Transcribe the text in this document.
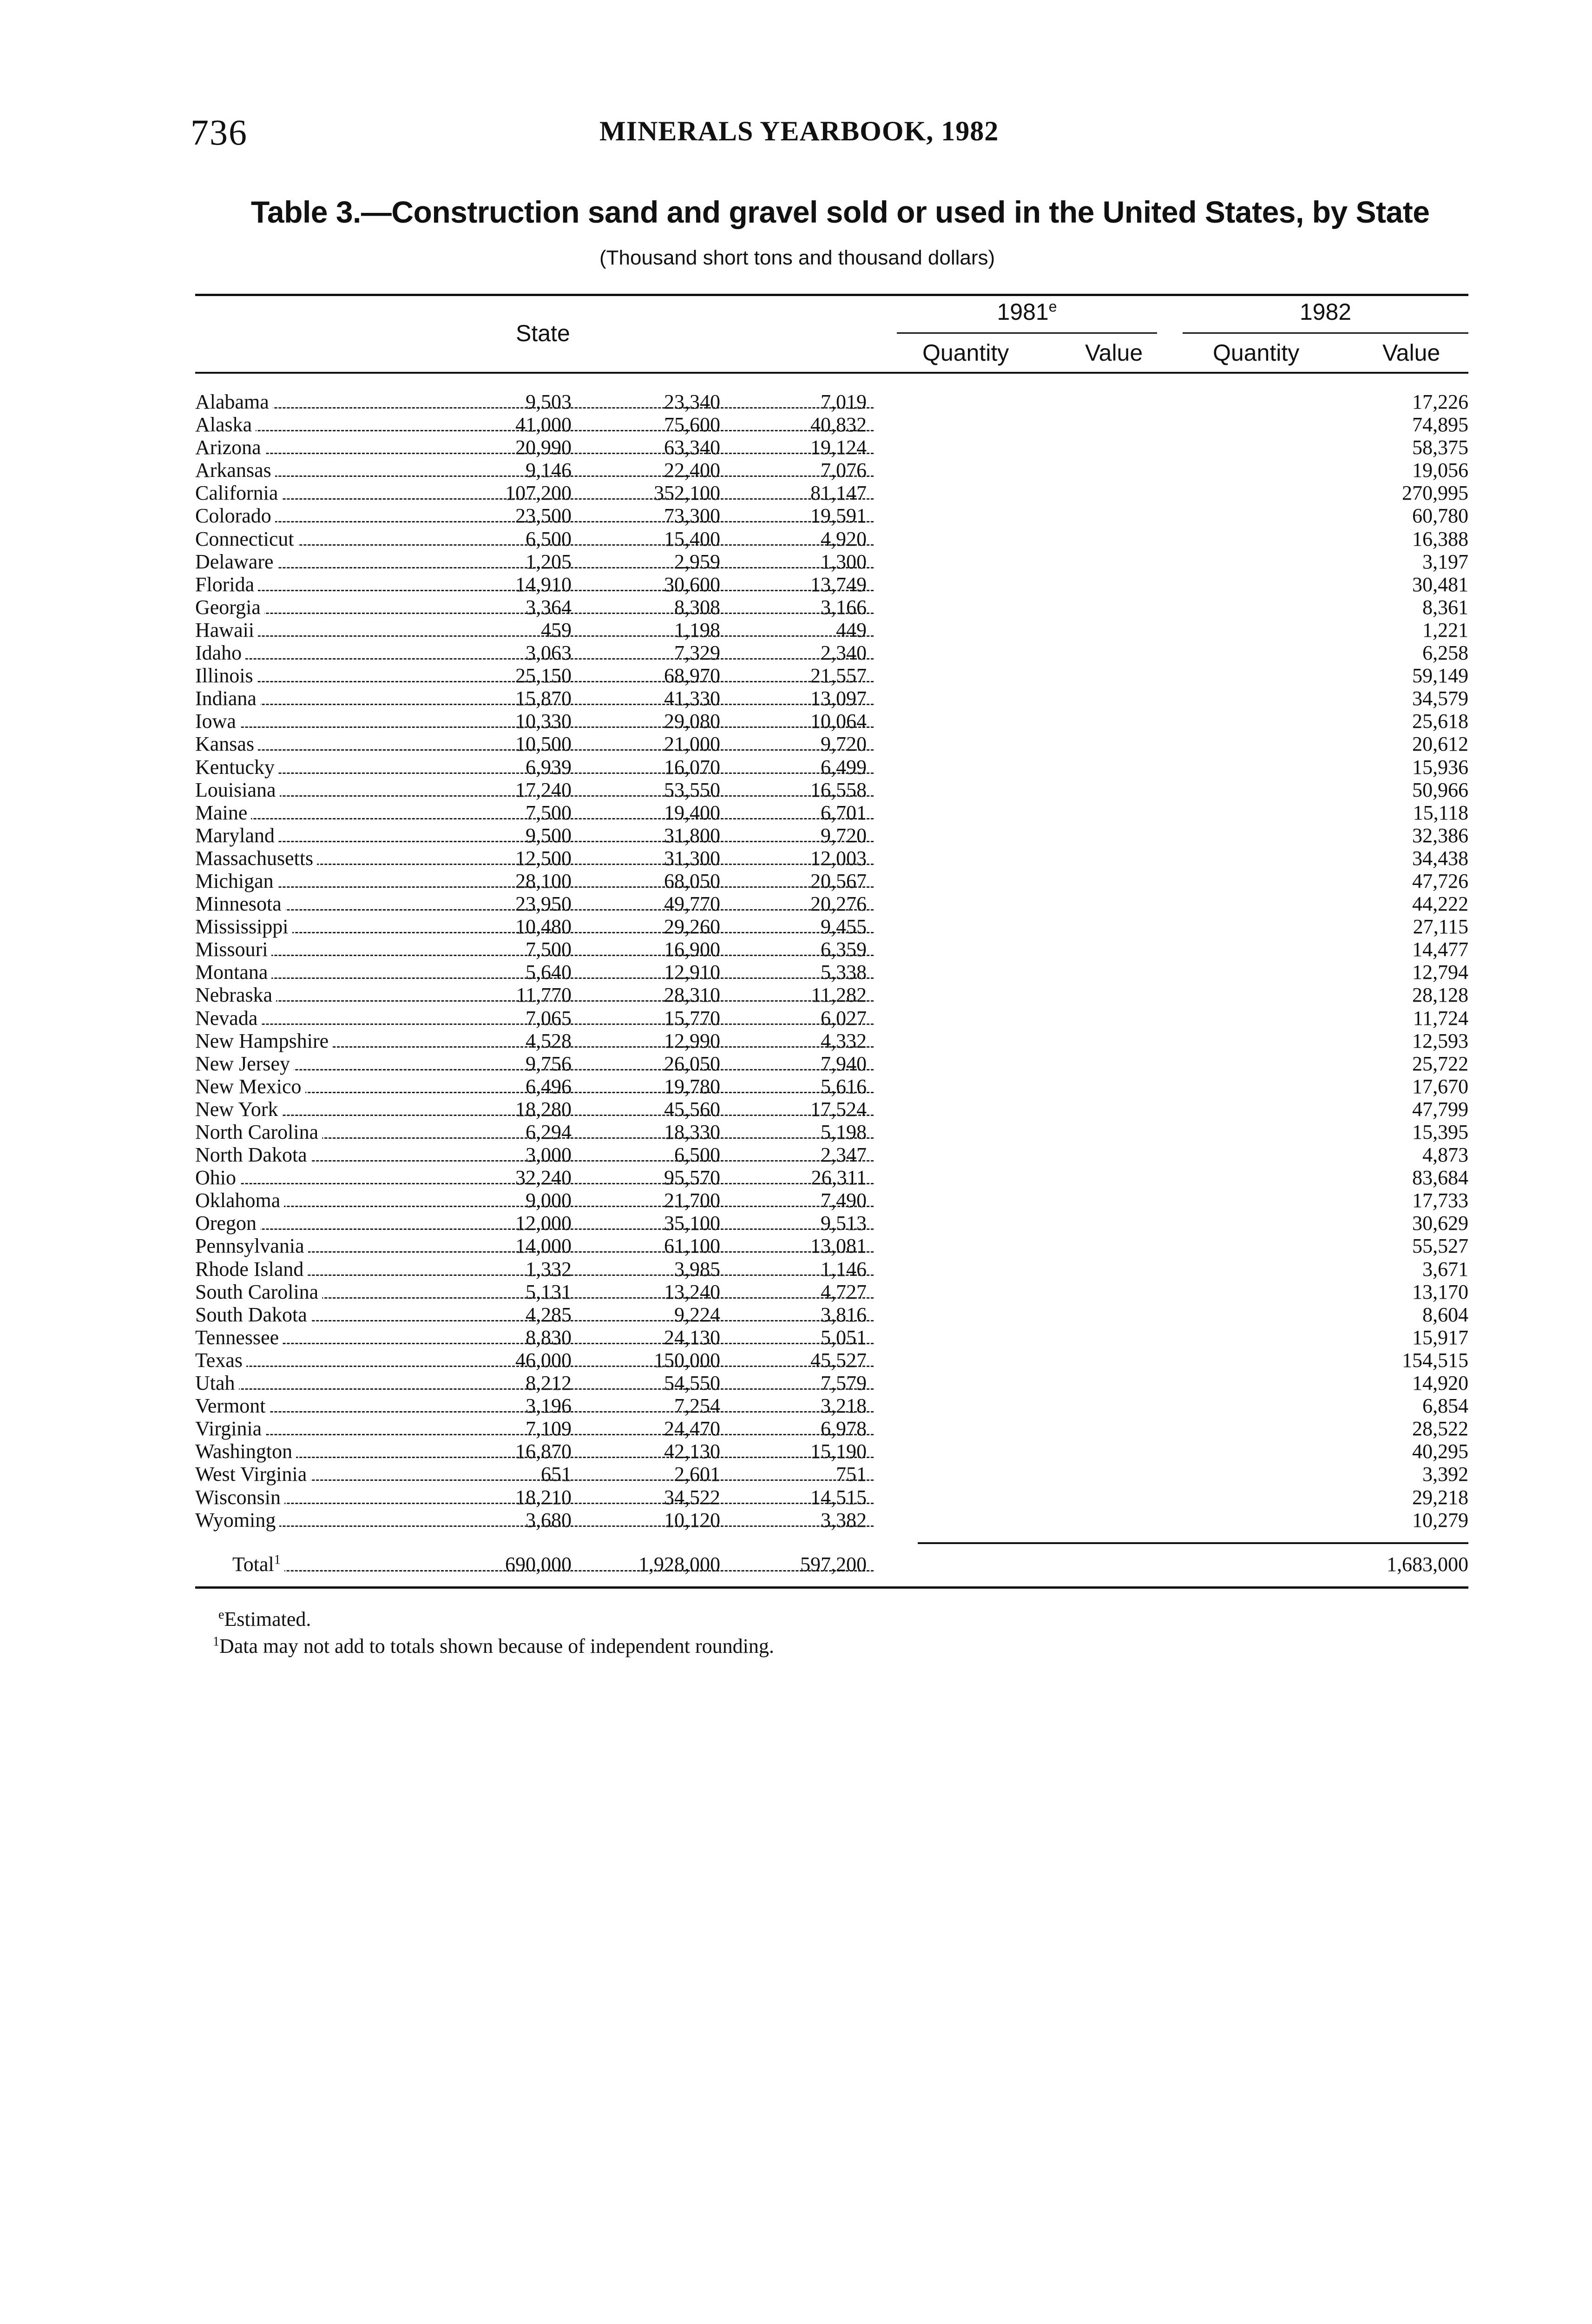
736	MINERALS YEARBOOK, 1982
Table 3.—Construction sand and gravel sold or used in the United States, by State
(Thousand short tons and thousand dollars)
State
1981e	1982
Quantity	Value	Quantity	Value
Alabama	9,503	23,340	7,019	17,226
Alaska	41,000	75,600	40,832	74,895
Arizona	20,990	63,340	19,124	58,375
Arkansas	9,146	22,400	7,076	19,056
California	107,200	352,100	81,147	270,995
Colorado	23,500	73,300	19,591	60,780
Connecticut	6,500	15,400	4,920	16,388
Delaware	1,205	2,959	1,300	3,197
Florida	14,910	30,600	13,749	30,481
Georgia	3,364	8,308	3,166	8,361
Hawaii	459	1,198	449	1,221
Idaho	3,063	7,329	2,340	6,258
Illinois	25,150	68,970	21,557	59,149
Indiana	15,870	41,330	13,097	34,579
Iowa	10,330	29,080	10,064	25,618
Kansas	10,500	21,000	9,720	20,612
Kentucky	6,939	16,070	6,499	15,936
Louisiana	17,240	53,550	16,558	50,966
Maine	7,500	19,400	6,701	15,118
Maryland	9,500	31,800	9,720	32,386
Massachusetts	12,500	31,300	12,003	34,438
Michigan	28,100	68,050	20,567	47,726
Minnesota	23,950	49,770	20,276	44,222
Mississippi	10,480	29,260	9,455	27,115
Missouri	7,500	16,900	6,359	14,477
Montana	5,640	12,910	5,338	12,794
Nebraska	11,770	28,310	11,282	28,128
Nevada	7,065	15,770	6,027	11,724
New Hampshire	4,528	12,990	4,332	12,593
New Jersey	9,756	26,050	7,940	25,722
New Mexico	6,496	19,780	5,616	17,670
New York	18,280	45,560	17,524	47,799
North Carolina	6,294	18,330	5,198	15,395
North Dakota	3,000	6,500	2,347	4,873
Ohio	32,240	95,570	26,311	83,684
Oklahoma	9,000	21,700	7,490	17,733
Oregon	12,000	35,100	9,513	30,629
Pennsylvania	14,000	61,100	13,081	55,527
Rhode Island	1,332	3,985	1,146	3,671
South Carolina	5,131	13,240	4,727	13,170
South Dakota	4,285	9,224	3,816	8,604
Tennessee	8,830	24,130	5,051	15,917
Texas	46,000	150,000	45,527	154,515
Utah	8,212	54,550	7,579	14,920
Vermont	3,196	7,254	3,218	6,854
Virginia	7,109	24,470	6,978	28,522
Washington	16,870	42,130	15,190	40,295
West Virginia	651	2,601	751	3,392
Wisconsin	18,210	34,522	14,515	29,218
Wyoming	3,680	10,120	3,382	10,279
Total$^1$	690,000	1,928,000	597,200	1,683,000
$^e$Estimated.
$^1$Data may not add to totals shown because of independent rounding.
